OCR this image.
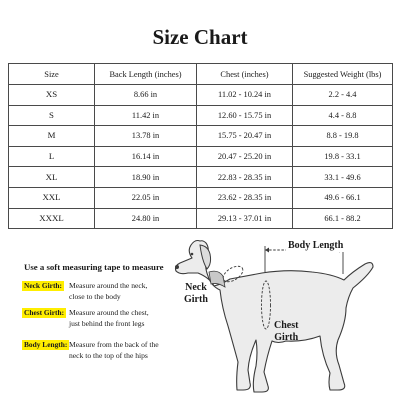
Size Chart
Size	Back Length (inches)	Chest (inches)	Suggested Weight (lbs)
XS	8.66 in	11.02 - 10.24 in	2.2 - 4.4
S	11.42 in	12.60 - 15.75 in	4.4 - 8.8
M	13.78 in	15.75 - 20.47 in	8.8 - 19.8
L	16.14 in	20.47 - 25.20 in	19.8 - 33.1
XL	18.90 in	22.83 - 28.35 in	33.1 - 49.6
XXL	22.05 in	23.62 - 28.35 in	49.6 - 66.1
XXXL	24.80 in	29.13 - 37.01 in	66.1 - 88.2
Use a soft measuring tape to measure
Neck Girth: Measure around the neck,
close to the body
Chest Girth: Measure around the chest,
just behind the front legs
Body Length: Measure from the back of the
neck to the top of the hips
Body Length
Neck
Girth
Chest
Girth
